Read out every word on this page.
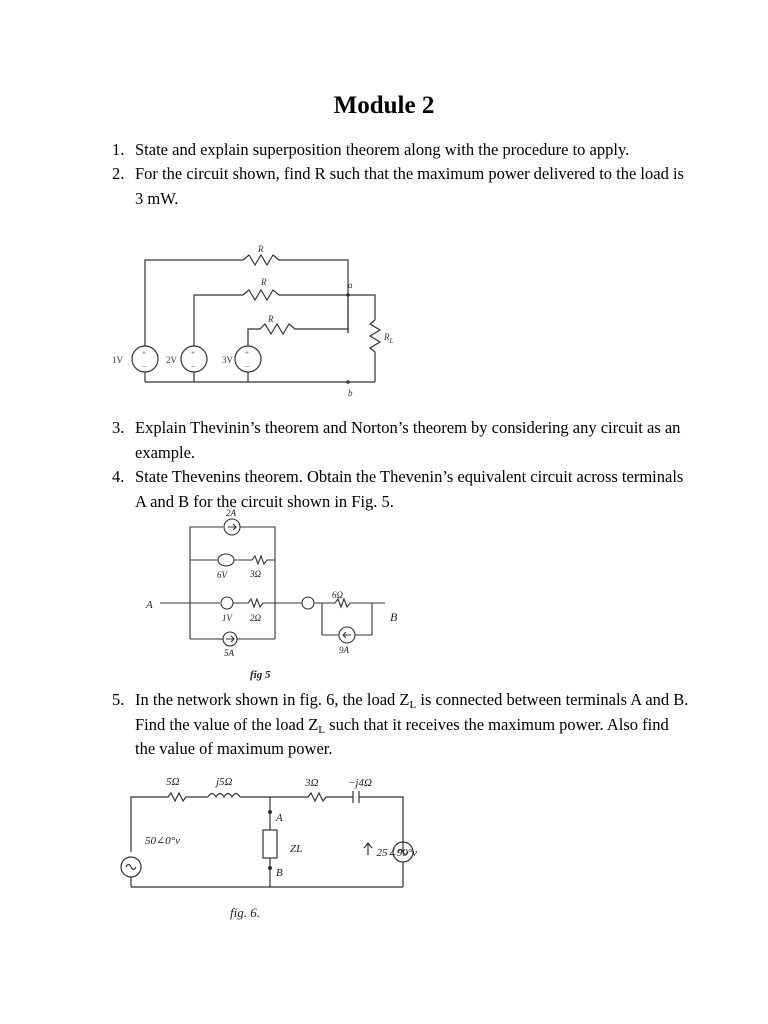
Module 2
1. State and explain superposition theorem along with the procedure to apply.
2. For the circuit shown, find R such that the maximum power delivered to the load is 3 mW.
R
R
R
a
b
$R_L$
1V	2V	3V
+
−
+
−
+
−
3. Explain Thevinin’s theorem and Norton’s theorem by considering any circuit as an example.
4. State Thevenins theorem. Obtain the Thevenin’s equivalent circuit across terminals A and B for the circuit shown in Fig. 5.
2A
6V	3Ω
1V 2Ω
5A
6Ω
9A
A
B
fig 5
5. In the network shown in fig. 6, the load $Z_L$ is connected between terminals A and B. Find the value of the load $Z_L$ such that it receives the maximum power. Also find the value of maximum power.
5Ω	j5Ω	3Ω	−j4Ω
50∠0°v
25∠90°v
ZL
A
B
fig. 6.
